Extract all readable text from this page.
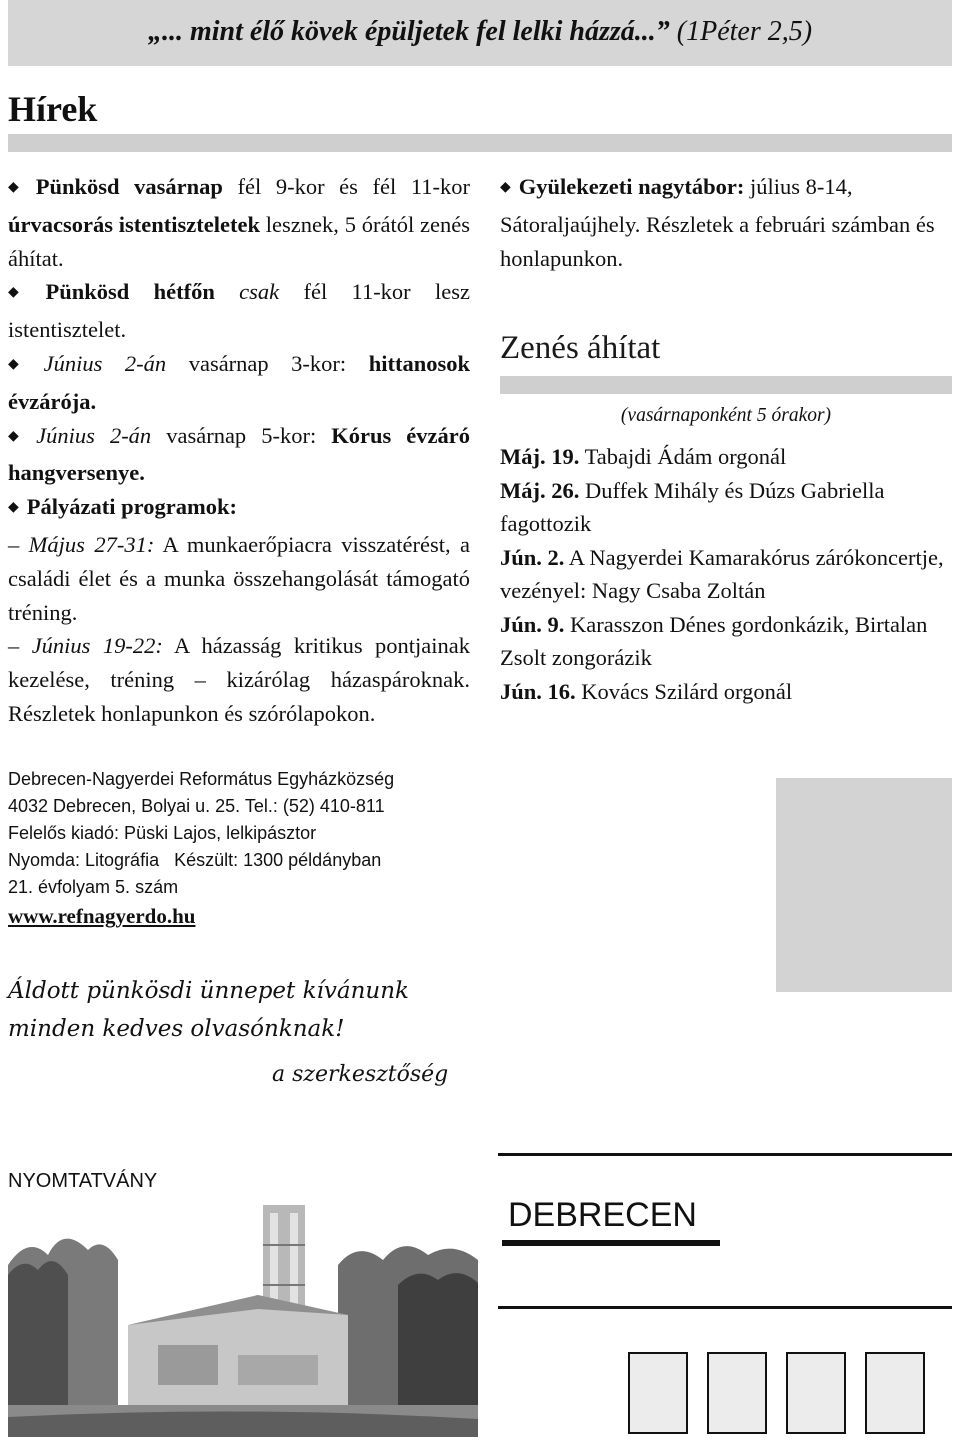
„... mint élő kövek épüljetek fel lelki házzá...” (1Péter 2,5)
Hírek

◆ Pünkösd vasárnap fél 9-kor és fél 11-kor úrvacsorás istentiszteletek lesznek, 5 órától zenés áhítat.

◆ Pünkösd hétfőn csak fél 11-kor lesz istentisztelet.

◆ Június 2-án vasárnap 3-kor: hittanosok évzárója.

◆ Június 2-án vasárnap 5-kor: Kórus évzáró hangversenye.

◆ Pályázati programok:

– Május 27-31: A munkaerőpiacra visszatérést, a családi élet és a munka összehangolását támogató tréning.

– Június 19-22: A házasság kritikus pontjainak kezelése, tréning – kizárólag házaspároknak. Részletek honlapunkon és szórólapokon.

◆ Gyülekezeti nagytábor: július 8-14, Sátoraljaújhely. Részletek a februári számban és honlapunkon.

Zenés áhítat
(vasárnaponként 5 órakor)

Máj. 19. Tabajdi Ádám orgonál

Máj. 26. Duffek Mihály és Dúzs Gabriella fagottozik

Jún. 2. A Nagyerdei Kamarakórus zárókoncertje, vezényel: Nagy Csaba Zoltán

Jún. 9. Karasszon Dénes gordonkázik, Birtalan Zsolt zongorázik

Jún. 16. Kovács Szilárd orgonál

Debrecen-Nagyerdei Református Egyházközség
4032 Debrecen, Bolyai u. 25. Tel.: (52) 410-811
Felelős kiadó: Püski Lajos, lelkipásztor
Nyomda: Litográfia   Készült: 1300 példányban
21. évfolyam 5. szám
www.refnagyerdo.hu
Áldott pünkösdi ünnepet kívánunk
minden kedves olvasónknak!
a szerkesztőség
NYOMTATVÁNY
DEBRECEN
